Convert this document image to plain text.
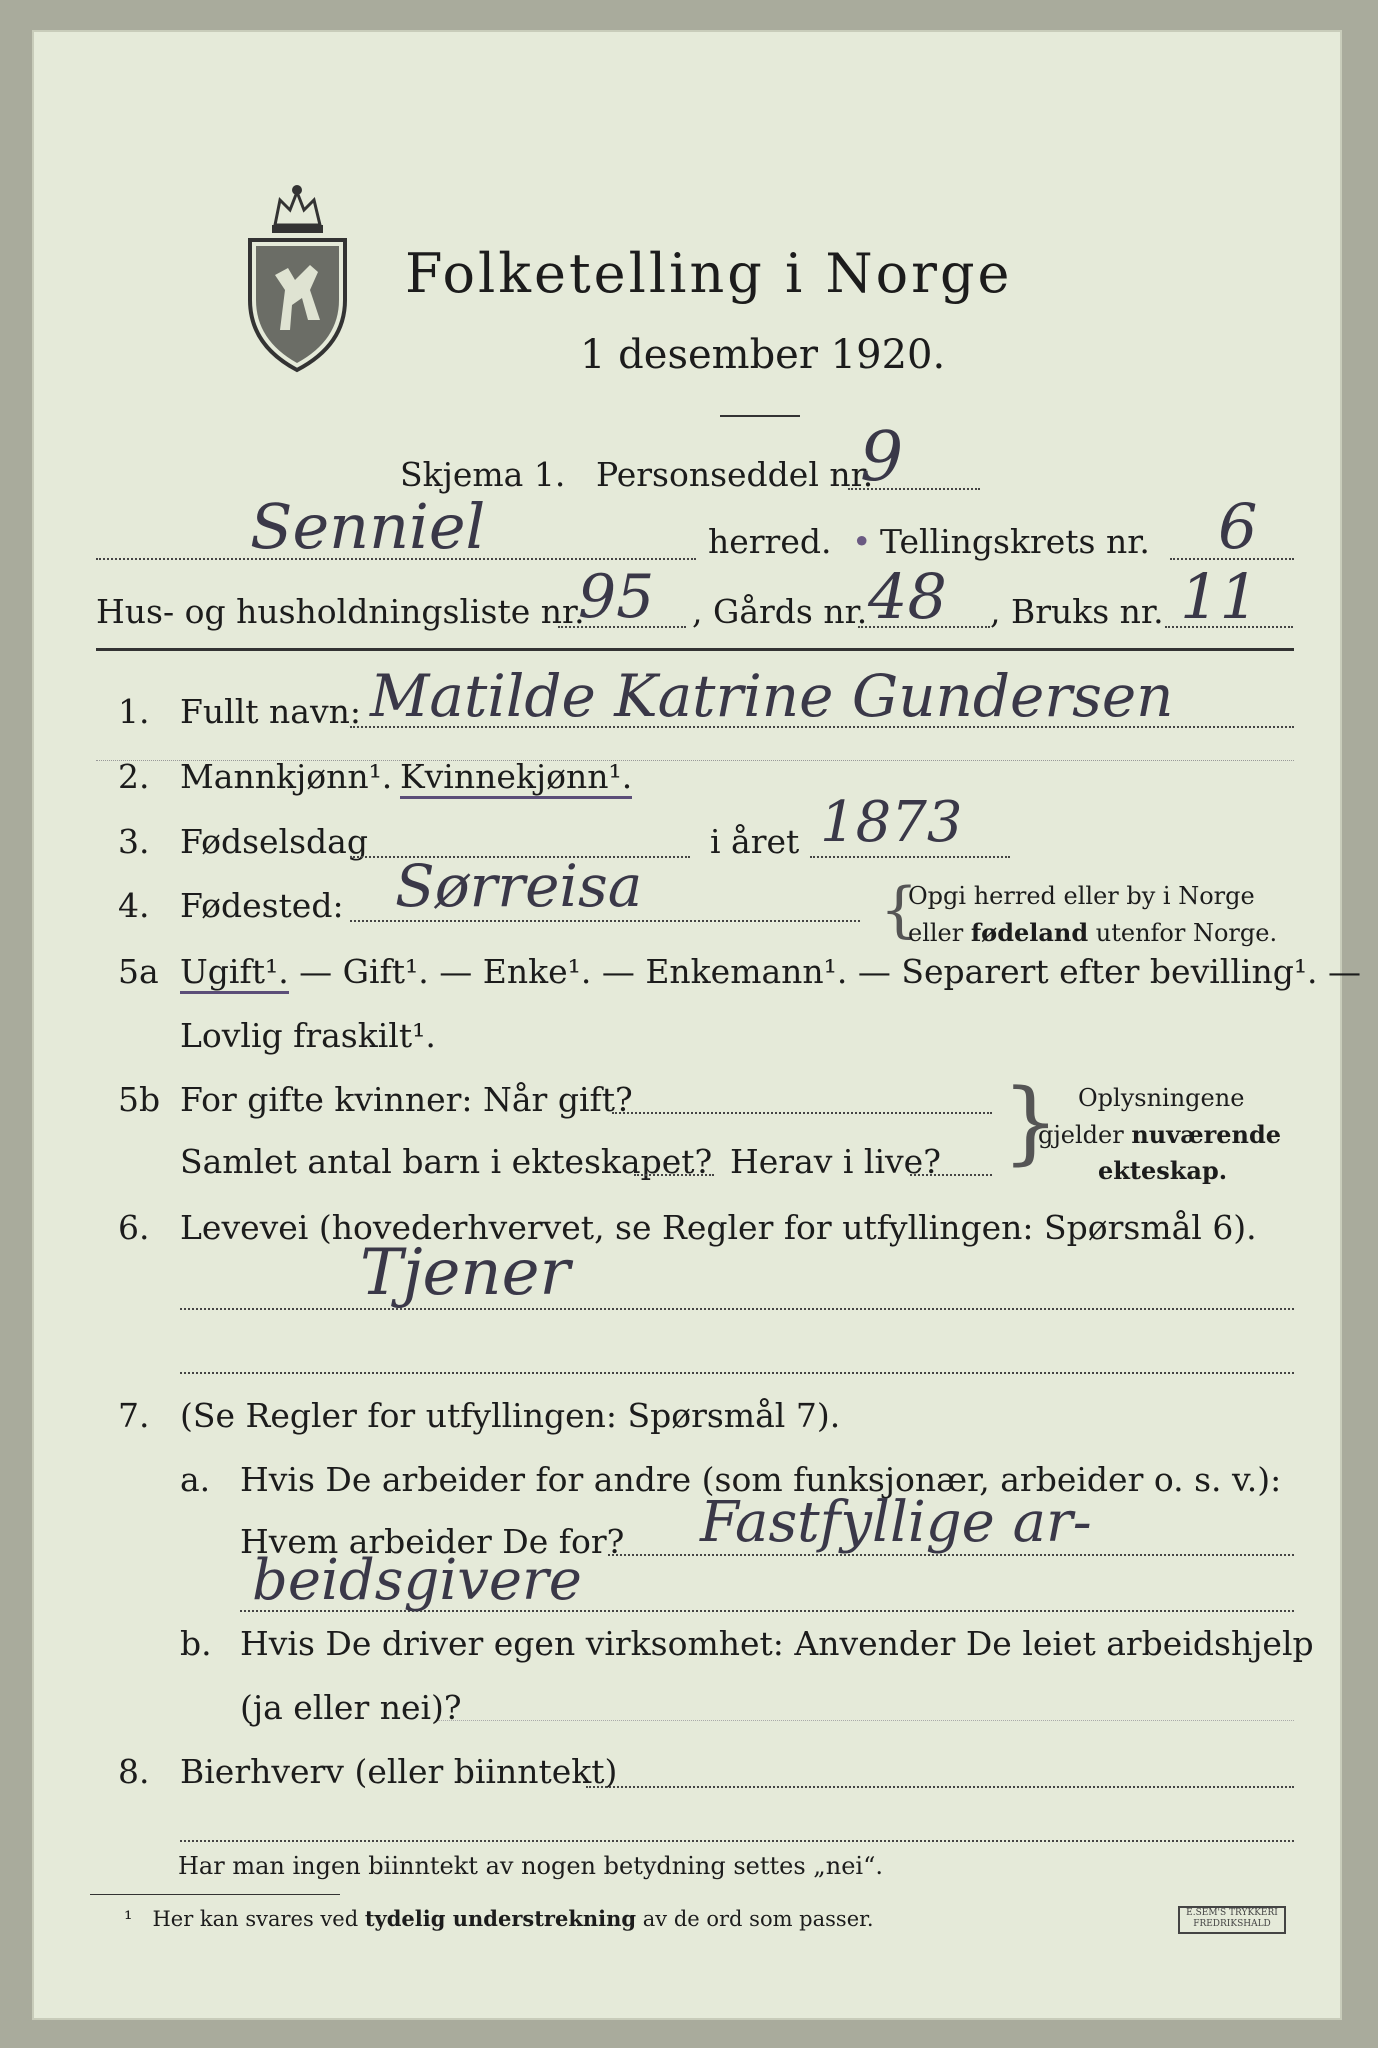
Folketelling i Norge
1 desember 1920.
Skjema 1. Personseddel nr.
9
Senniel	herred. • Tellingskrets nr. 6
Hus- og husholdningsliste nr.
95 , Gårds nr. 48 , Bruks nr. 11
1. Fullt navn: Matilde Katrine Gundersen
2. Mannkjønn¹. Kvinnekjønn¹.
3. Fødselsdag	i året 1873
4. Fødested: Sørreisa	{
Opgi herred eller by i Norge
eller fødeland utenfor Norge.
5a Ugift¹. — Gift¹. — Enke¹. — Enkemann¹. — Separert efter bevilling¹. —
Lovlig fraskilt¹.
5b For gifte kvinner: Når gift?
Samlet antal barn i ekteskapet? Herav i live? } Oplysningene
gjelder nuværende
ekteskap.
6. Levevei (hovederhvervet, se Regler for utfyllingen: Spørsmål 6).
Tjener
7. (Se Regler for utfyllingen: Spørsmål 7).
a. Hvis De arbeider for andre (som funksjonær, arbeider o. s. v.):
Hvem arbeider De for? Fastfyllige ar-
beidsgivere
b. Hvis De driver egen virksomhet: Anvender De leiet arbeidshjelp
(ja eller nei)?
8. Bierhverv (eller biinntekt)
Har man ingen biinntekt av nogen betydning settes „nei“.
¹ Her kan svares ved tydelig understrekning av de ord som passer.	E.SEM'S TRYKKERI
FREDRIKSHALD
